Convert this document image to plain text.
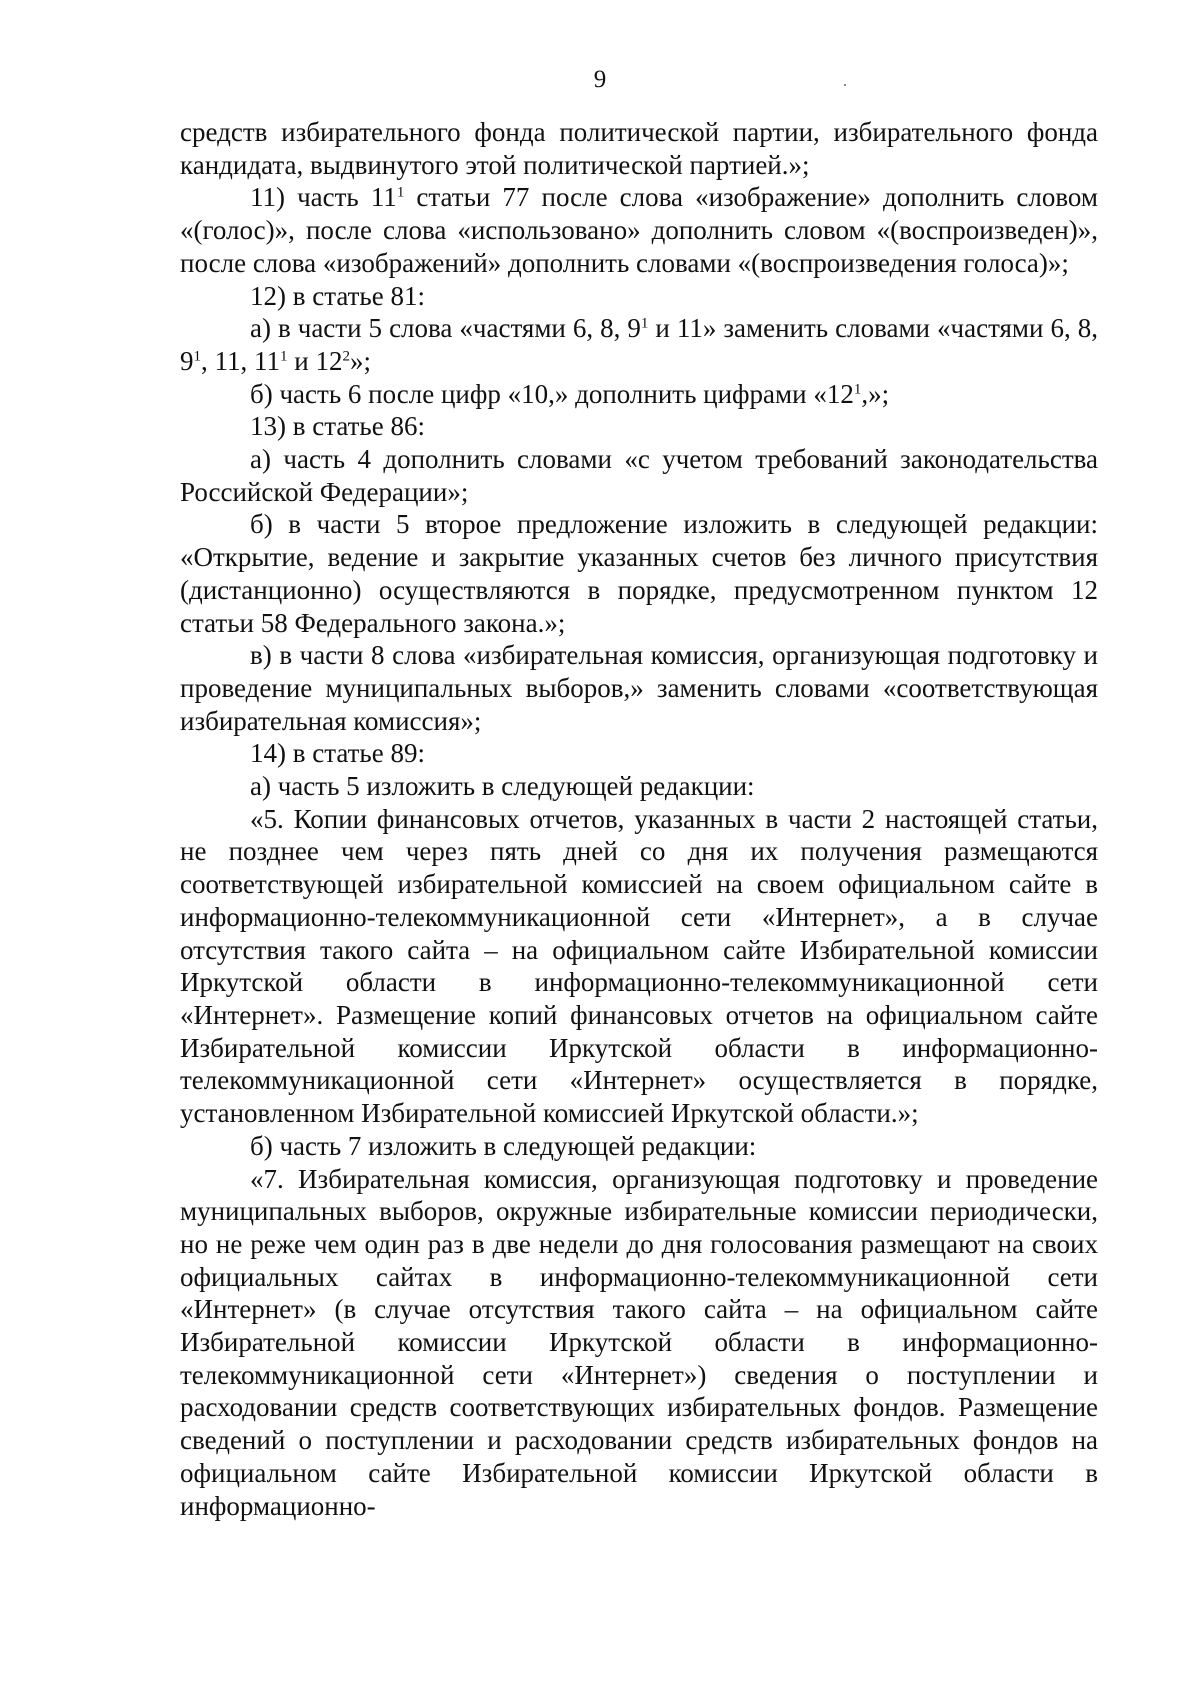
9

средств избирательного фонда политической партии, избирательного фонда кандидата, выдвинутого этой политической партией.»;

11) часть $11^1$ статьи 77 после слова «изображение» дополнить словом «(голос)», после слова «использовано» дополнить словом «(воспроизведен)», после слова «изображений» дополнить словами «(воспроизведения голоса)»;

12) в статье 81:

а) в части 5 слова «частями 6, 8, $9^1$ и 11» заменить словами «частями 6, 8, $9^1$, 11, $11^1$ и $12^2$»;

б) часть 6 после цифр «10,» дополнить цифрами «$12^1$,»;

13) в статье 86:

а) часть 4 дополнить словами «с учетом требований законодательства Российской Федерации»;

б) в части 5 второе предложение изложить в следующей редакции: «Открытие, ведение и закрытие указанных счетов без личного присутствия (дистанционно) осуществляются в порядке, предусмотренном пунктом 12 статьи 58 Федерального закона.»;

в) в части 8 слова «избирательная комиссия, организующая подготовку и проведение муниципальных выборов,» заменить словами «соответствующая избирательная комиссия»;

14) в статье 89:

а) часть 5 изложить в следующей редакции:

«5. Копии финансовых отчетов, указанных в части 2 настоящей статьи, не позднее чем через пять дней со дня их получения размещаются соответствующей избирательной комиссией на своем официальном сайте в информационно-телекоммуникационной сети «Интернет», а в случае отсутствия такого сайта – на официальном сайте Избирательной комиссии Иркутской области в информационно-телекоммуникационной сети «Интернет». Размещение копий финансовых отчетов на официальном сайте Избирательной комиссии Иркутской области в информационно-телекоммуникационной сети «Интернет» осуществляется в порядке, установленном Избирательной комиссией Иркутской области.»;

б) часть 7 изложить в следующей редакции:

«7. Избирательная комиссия, организующая подготовку и проведение муниципальных выборов, окружные избирательные комиссии периодически, но не реже чем один раз в две недели до дня голосования размещают на своих официальных сайтах в информационно-телекоммуникационной сети «Интернет» (в случае отсутствия такого сайта – на официальном сайте Избирательной комиссии Иркутской области в информационно-телекоммуникационной сети «Интернет») сведения о поступлении и расходовании средств соответствующих избирательных фондов. Размещение сведений о поступлении и расходовании средств избирательных фондов на официальном сайте Избирательной комиссии Иркутской области в информационно-
